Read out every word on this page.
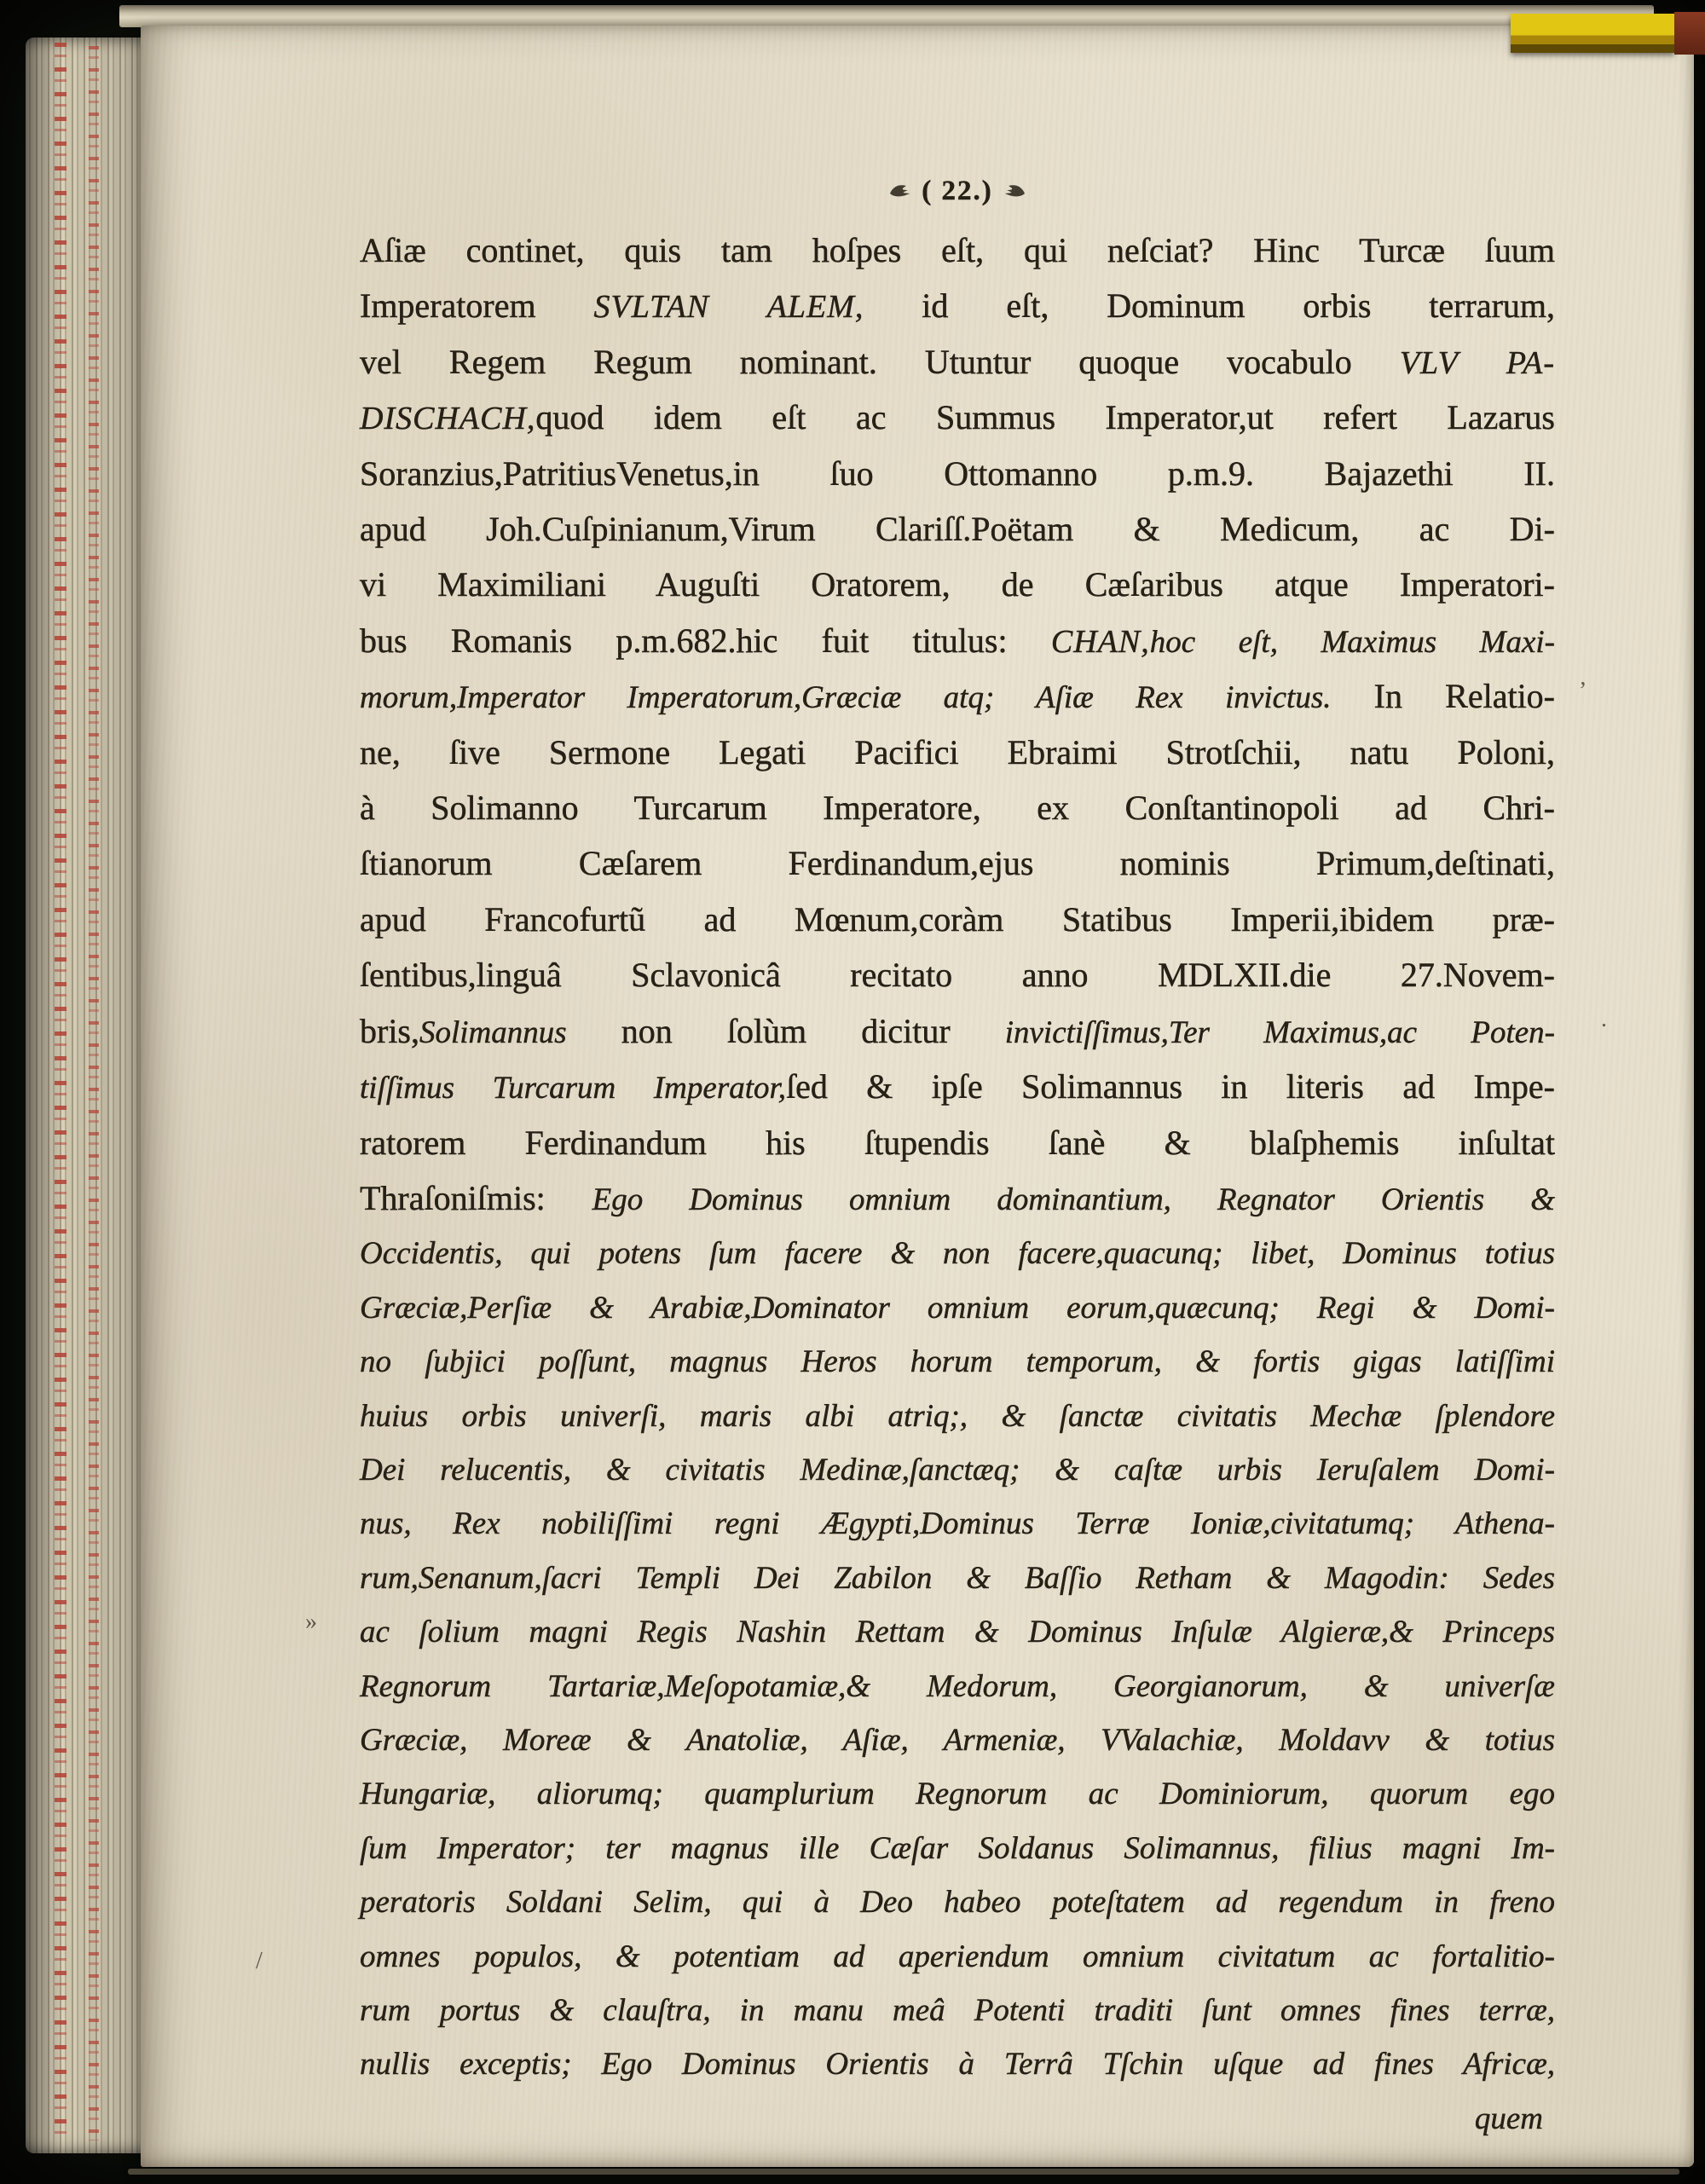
( 22.)
Aſiæ continet, quis tam hoſpes eſt, qui neſciat? Hinc Turcæ ſuum
Imperatorem SVLTAN ALEM, id eſt, Dominum orbis terrarum,
vel Regem Regum nominant. Utuntur quoque vocabulo VLV PA-
DISCHACH,quod idem eſt ac Summus Imperator,ut refert Lazarus
Soranzius,PatritiusVenetus,in ſuo Ottomanno p.m.9. Bajazethi II.
apud Joh.Cuſpinianum,Virum Clariſſ.Poëtam & Medicum, ac Di-
vi Maximiliani Auguſti Oratorem, de Cæſaribus atque Imperatori-
bus Romanis p.m.682.hic fuit titulus: CHAN,hoc eſt, Maximus Maxi-
morum,Imperator Imperatorum,Græciæ atq; Aſiæ Rex invictus. In Relatio-
ne, ſive Sermone Legati Pacifici Ebraimi Strotſchii, natu Poloni,
à Solimanno Turcarum Imperatore, ex Conſtantinopoli ad Chri-
ſtianorum Cæſarem Ferdinandum,ejus nominis Primum,deſtinati,
apud Francofurtũ ad Mœnum,coràm Statibus Imperii,ibidem præ-
ſentibus,linguâ Sclavonicâ recitato anno MDLXII.die 27.Novem-
bris,Solimannus non ſolùm dicitur invictiſſimus,Ter Maximus,ac Poten-
tiſſimus Turcarum Imperator,ſed & ipſe Solimannus in literis ad Impe-
ratorem Ferdinandum his ſtupendis ſanè & blaſphemis inſultat
Thraſoniſmis: Ego Dominus omnium dominantium, Regnator Orientis &
Occidentis, qui potens ſum facere & non facere,quacunq; libet, Dominus totius
Græciæ,Perſiæ & Arabiæ,Dominator omnium eorum,quæcunq; Regi & Domi-
no ſubjici poſſunt, magnus Heros horum temporum, & fortis gigas latiſſimi
huius orbis univerſi, maris albi atriq;, & ſanctæ civitatis Mechæ ſplendore
Dei relucentis, & civitatis Medinæ,ſanctæq; & caſtæ urbis Ieruſalem Domi-
nus, Rex nobiliſſimi regni Ægypti,Dominus Terræ Ioniæ,civitatumq; Athena-
rum,Senanum,ſacri Templi Dei Zabilon & Baſſio Retham & Magodin: Sedes
ac ſolium magni Regis Nashin Rettam & Dominus Inſulæ Algieræ,& Princeps
Regnorum Tartariæ,Meſopotamiæ,& Medorum, Georgianorum, & univerſæ
Græciæ, Moreæ & Anatoliæ, Aſiæ, Armeniæ, VValachiæ, Moldavv & totius
Hungariæ, aliorumq; quamplurium Regnorum ac Dominiorum, quorum ego
ſum Imperator; ter magnus ille Cæſar Soldanus Solimannus, filius magni Im-
peratoris Soldani Selim, qui à Deo habeo poteſtatem ad regendum in freno
omnes populos, & potentiam ad aperiendum omnium civitatum ac fortalitio-
rum portus & clauſtra, in manu meâ Potenti traditi ſunt omnes fines terræ,
nullis exceptis; Ego Dominus Orientis à Terrâ Tſchin uſque ad fines Africæ,
quem
’
.
»
/
